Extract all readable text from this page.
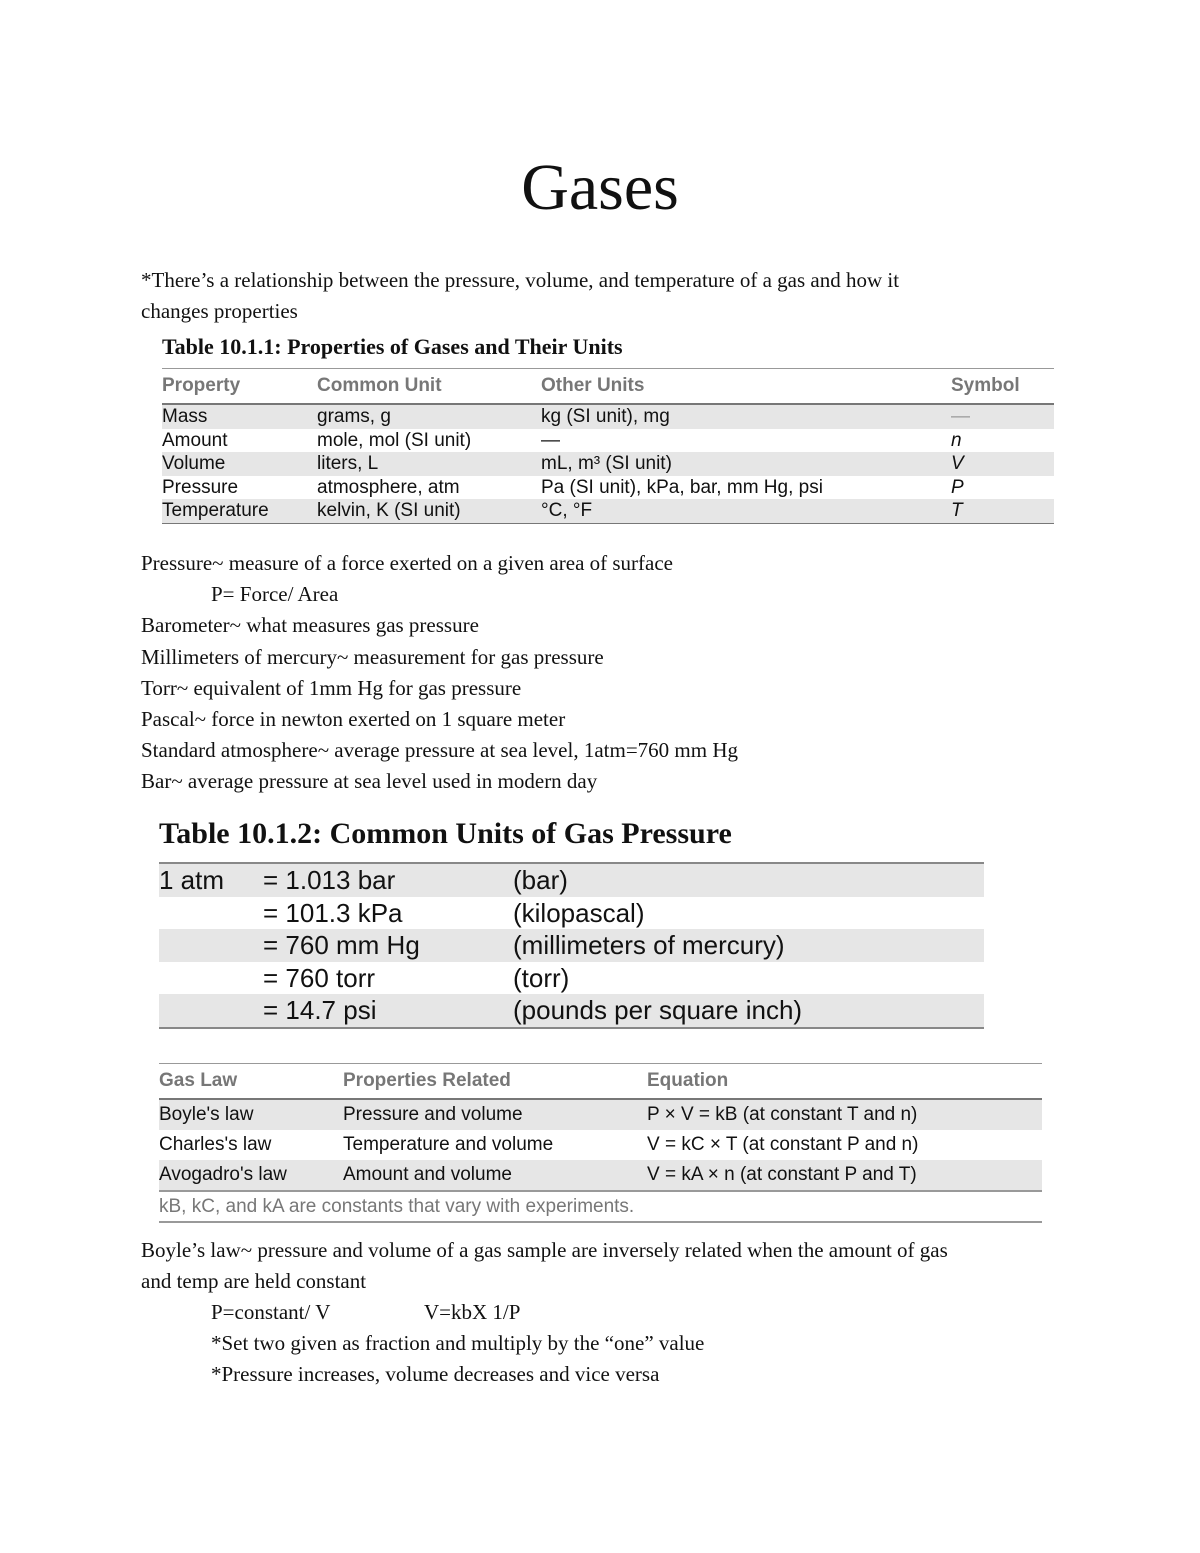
Gases
*There’s a relationship between the pressure, volume, and temperature of a gas and how it
changes properties
Table 10.1.1: Properties of Gases and Their Units
Property	Common Unit	Other Units	Symbol
Mass	grams, g	kg (SI unit), mg	—
Amount	mole, mol (SI unit)	—	n
Volume	liters, L	mL, m³ (SI unit)	V
Pressure	atmosphere, atm	Pa (SI unit), kPa, bar, mm Hg, psi	P
Temperature	kelvin, K (SI unit)	°C, °F	T
Pressure~ measure of a force exerted on a given area of surface
P= Force/ Area
Barometer~ what measures gas pressure
Millimeters of mercury~ measurement for gas pressure
Torr~ equivalent of 1mm Hg for gas pressure
Pascal~ force in newton exerted on 1 square meter
Standard atmosphere~ average pressure at sea level, 1atm=760 mm Hg
Bar~ average pressure at sea level used in modern day
Table 10.1.2: Common Units of Gas Pressure
1 atm = 1.013 bar	(bar)
= 101.3 kPa	(kilopascal)
= 760 mm Hg	(millimeters of mercury)
= 760 torr	(torr)
= 14.7 psi	(pounds per square inch)
Gas Law	Properties Related	Equation
Boyle's law	Pressure and volume	P × V = kB (at constant T and n)
Charles's law	Temperature and volume	V = kC × T (at constant P and n)
Avogadro's law	Amount and volume	V = kA × n (at constant P and T)
kB, kC, and kA are constants that vary with experiments.
Boyle’s law~ pressure and volume of a gas sample are inversely related when the amount of gas
and temp are held constant
P=constant/ V	V=kbX 1/P
*Set two given as fraction and multiply by the “one” value
*Pressure increases, volume decreases and vice versa
